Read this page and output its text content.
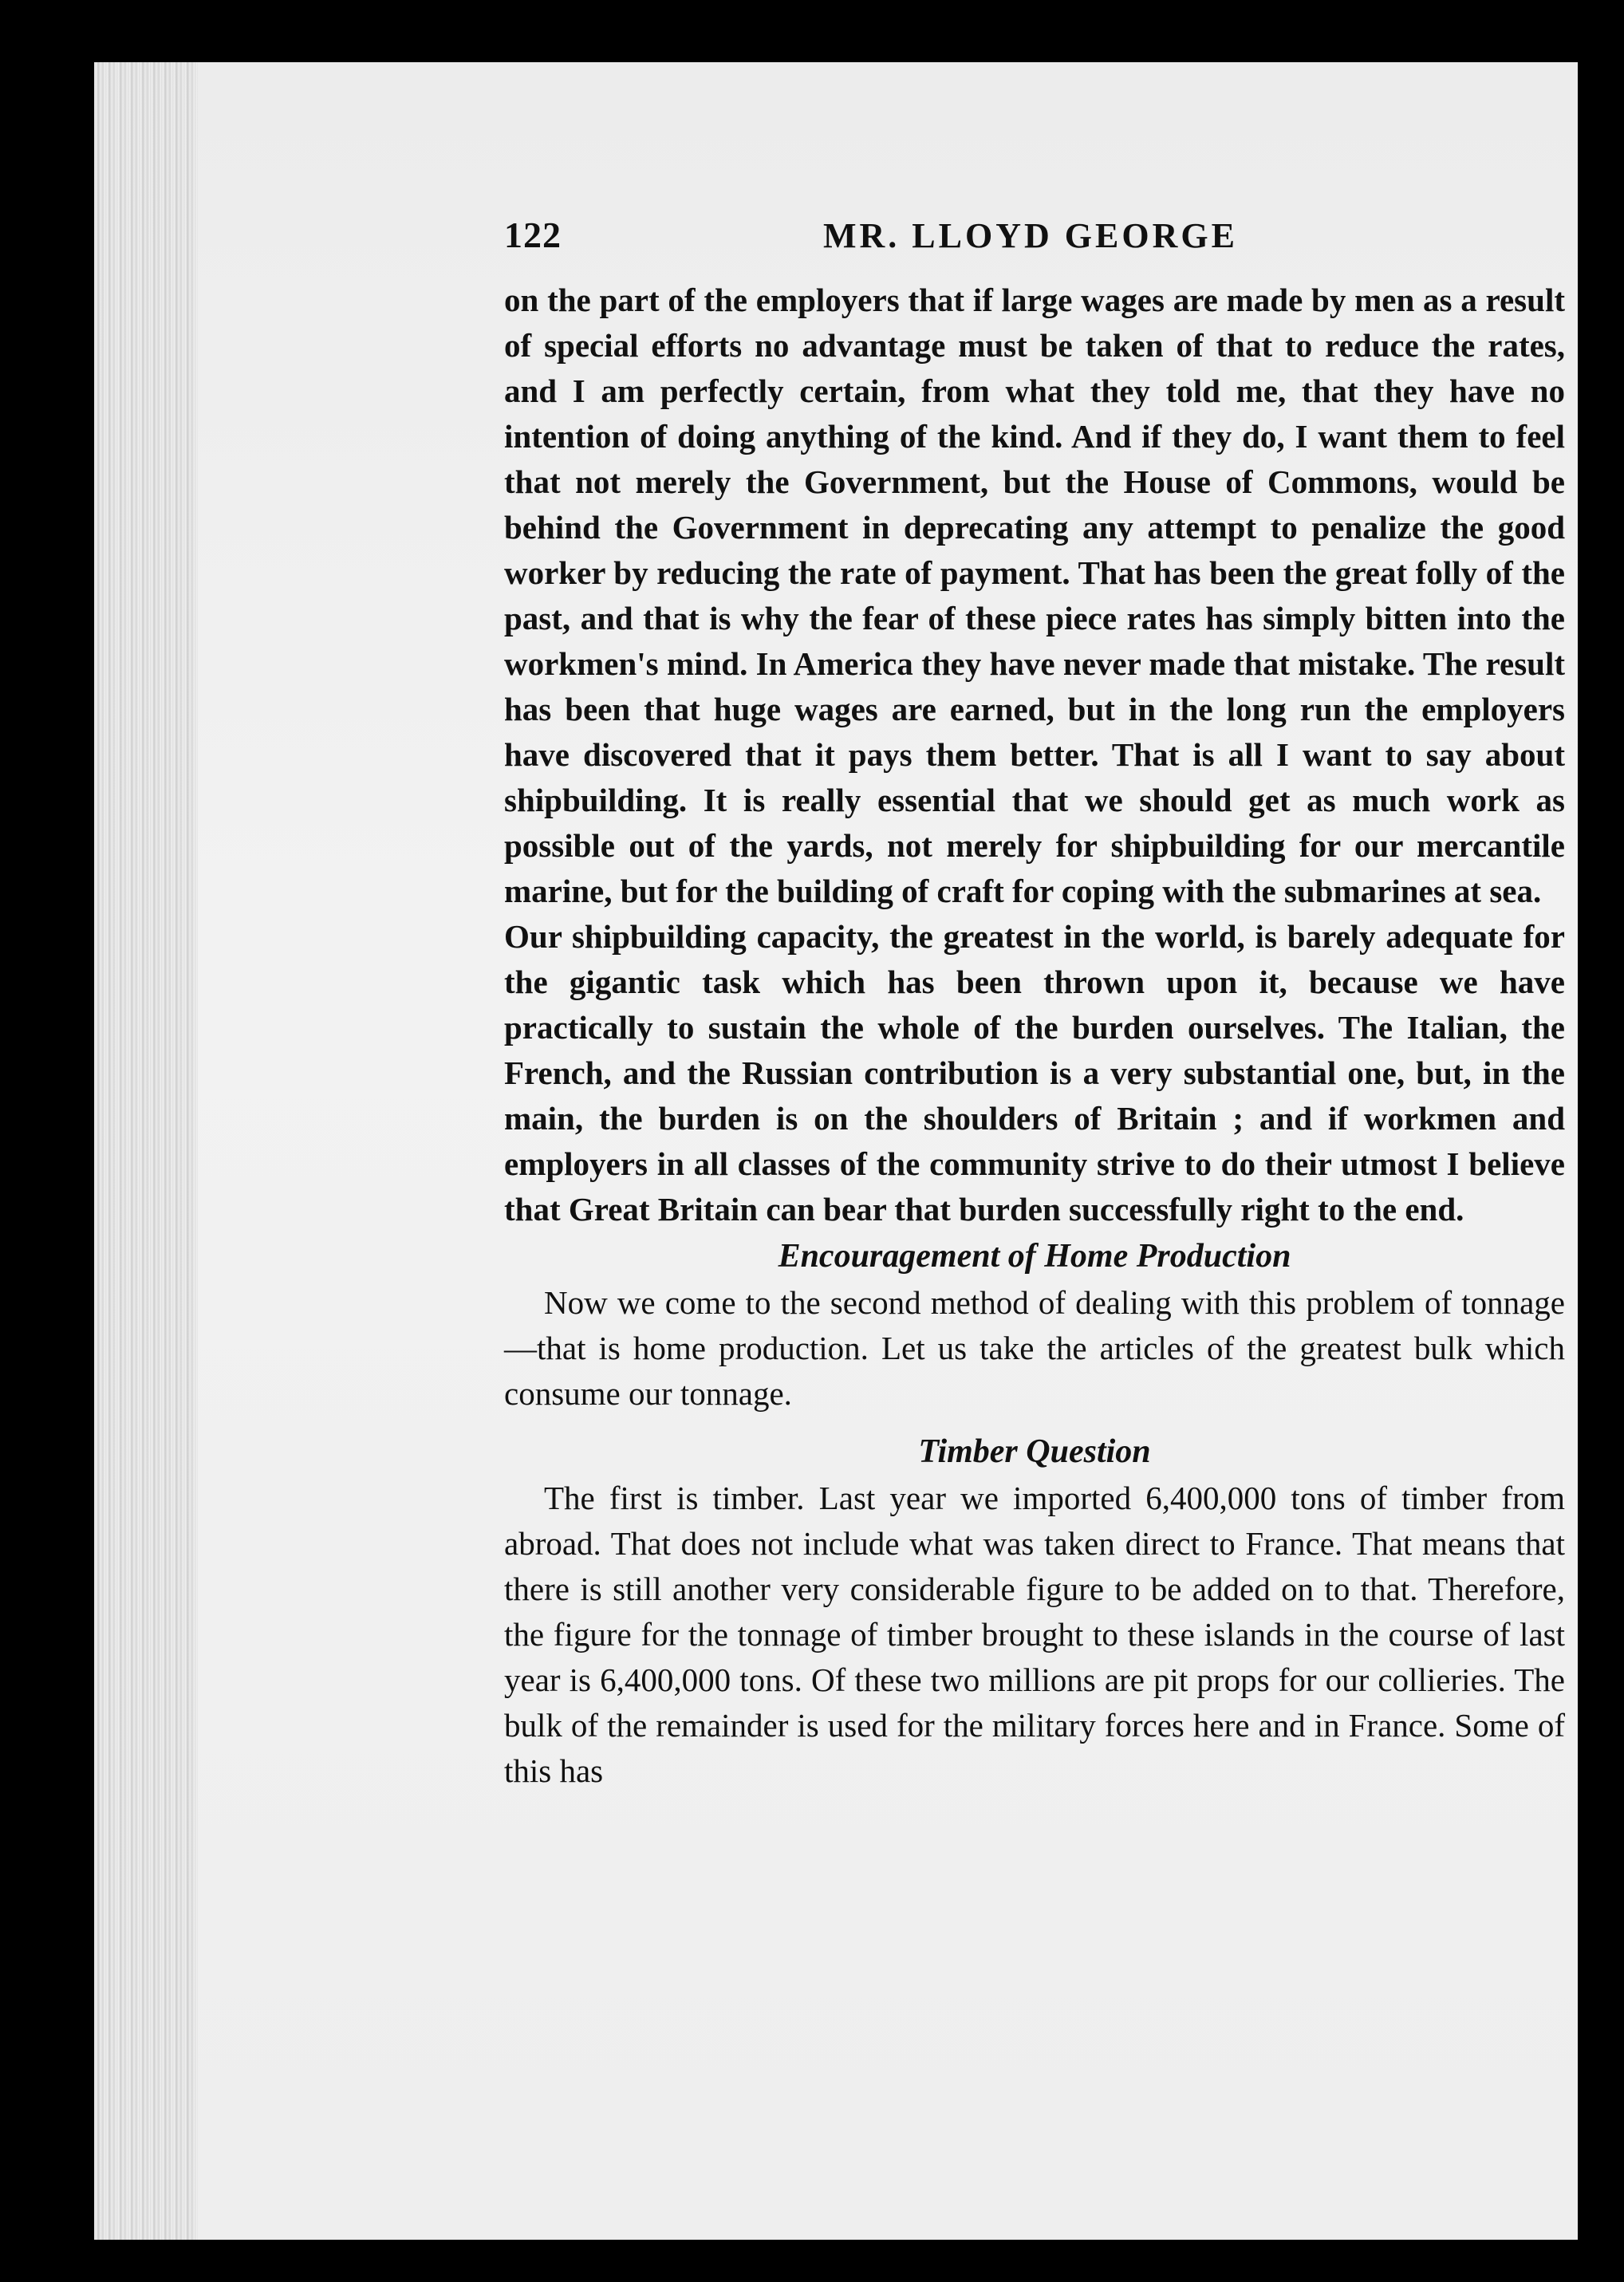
122	MR. LLOYD GEORGE

on the part of the employers that if large wages are made by men as a result of special efforts no advantage must be taken of that to reduce the rates, and I am perfectly certain, from what they told me, that they have no intention of doing anything of the kind. And if they do, I want them to feel that not merely the Government, but the House of Commons, would be behind the Government in deprecating any attempt to penalize the good worker by reducing the rate of payment. That has been the great folly of the past, and that is why the fear of these piece rates has simply bitten into the workmen's mind. In America they have never made that mistake. The result has been that huge wages are earned, but in the long run the employers have discovered that it pays them better. That is all I want to say about shipbuilding. It is really essential that we should get as much work as possible out of the yards, not merely for shipbuilding for our mercantile marine, but for the building of craft for coping with the submarines at sea.

Our shipbuilding capacity, the greatest in the world, is barely adequate for the gigantic task which has been thrown upon it, because we have practically to sustain the whole of the burden ourselves. The Italian, the French, and the Russian contribution is a very substantial one, but, in the main, the burden is on the shoulders of Britain ; and if workmen and employers in all classes of the community strive to do their utmost I believe that Great Britain can bear that burden successfully right to the end.

Encouragement of Home Production

Now we come to the second method of dealing with this problem of tonnage—that is home production. Let us take the articles of the greatest bulk which consume our tonnage.

Timber Question

The first is timber. Last year we imported 6,400,000 tons of timber from abroad. That does not include what was taken direct to France. That means that there is still another very considerable figure to be added on to that. Therefore, the figure for the tonnage of timber brought to these islands in the course of last year is 6,400,000 tons. Of these two millions are pit props for our collieries. The bulk of the remainder is used for the military forces here and in France. Some of this has
